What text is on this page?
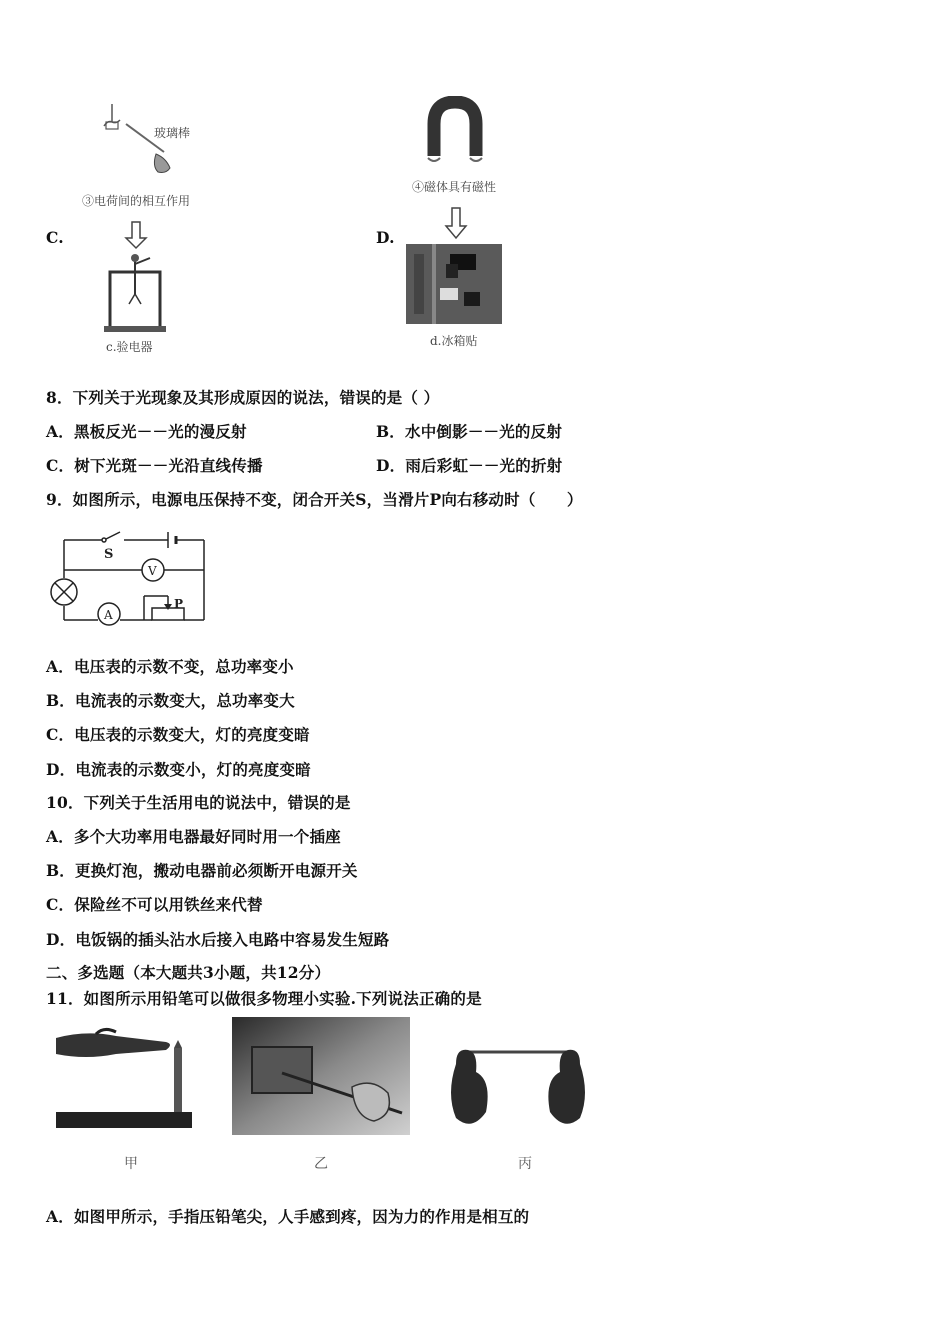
玻璃棒
③电荷间的相互作用
C.
c.验电器
④磁体具有磁性
D.
d.冰箱贴
8．下列关于光现象及其形成原因的说法，错误的是（ ）
A．黑板反光－－光的漫反射	B．水中倒影－－光的反射
C．树下光斑－－光沿直线传播	D．雨后彩虹－－光的折射
9．如图所示，电源电压保持不变，闭合开关S，当滑片P向右移动时（　　）
S
V
A
P
A．电压表的示数不变，总功率变小
B．电流表的示数变大，总功率变大
C．电压表的示数变大，灯的亮度变暗
D．电流表的示数变小，灯的亮度变暗
10．下列关于生活用电的说法中，错误的是
A．多个大功率用电器最好同时用一个插座
B．更换灯泡，搬动电器前必须断开电源开关
C．保险丝不可以用铁丝来代替
D．电饭锅的插头沾水后接入电路中容易发生短路
二、多选题（本大题共3小题，共12分）
11．如图所示用铅笔可以做很多物理小实验.下列说法正确的是
甲	乙	丙
A．如图甲所示，手指压铅笔尖，人手感到疼，因为力的作用是相互的
